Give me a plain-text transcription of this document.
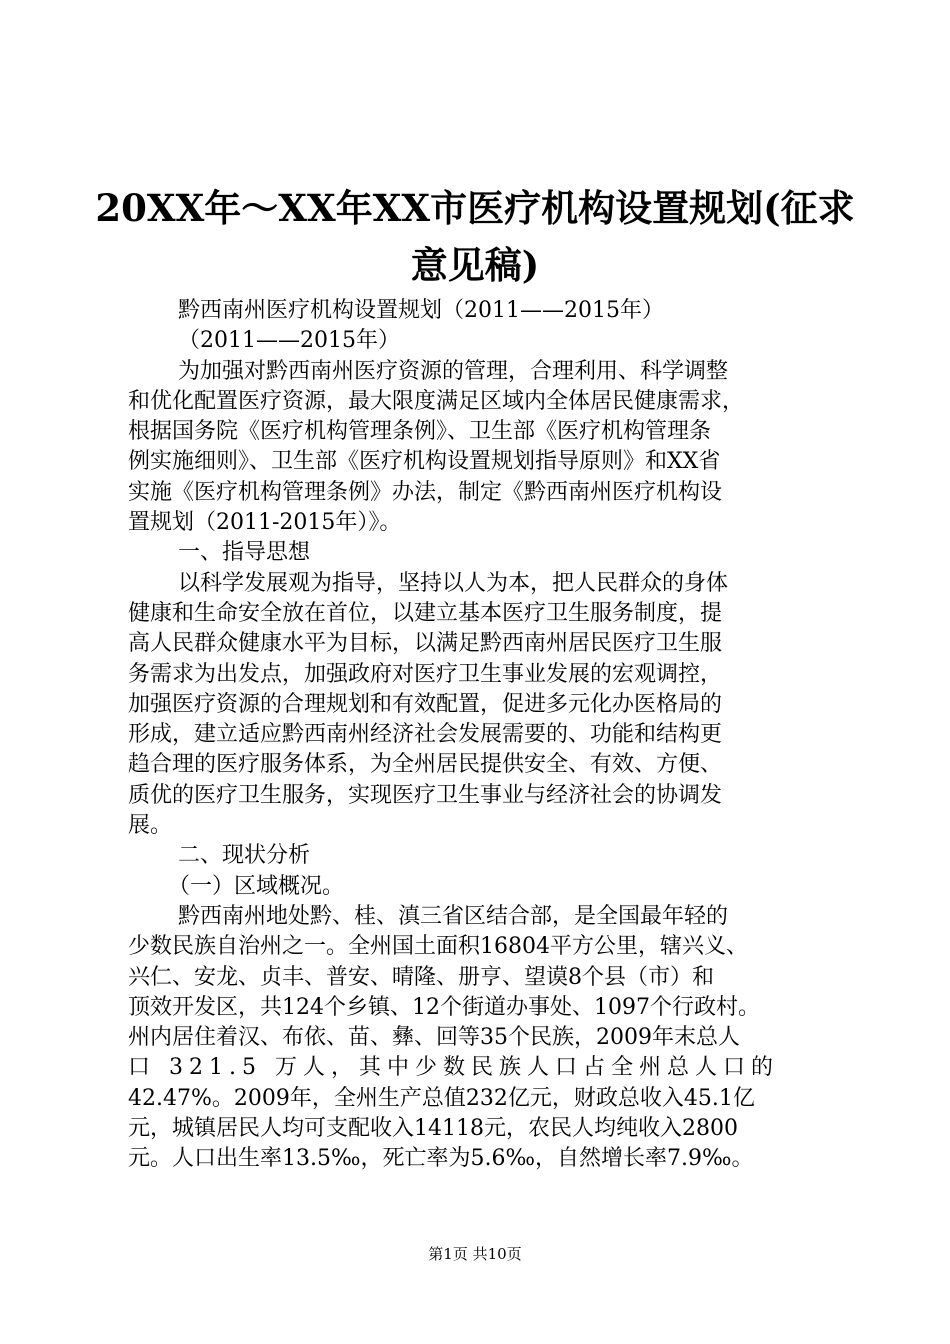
20XX年～XX年XX市医疗机构设置规划(征求
意见稿)
黔西南州医疗机构设置规划（2011——2015年）
（2011——2015年）
为加强对黔西南州医疗资源的管理，合理利用、科学调整
和优化配置医疗资源，最大限度满足区域内全体居民健康需求，
根据国务院《医疗机构管理条例》、卫生部《医疗机构管理条
例实施细则》、卫生部《医疗机构设置规划指导原则》和XX省
实施《医疗机构管理条例》办法，制定《黔西南州医疗机构设
置规划（2011-2015年）》。
一、指导思想
以科学发展观为指导，坚持以人为本，把人民群众的身体
健康和生命安全放在首位，以建立基本医疗卫生服务制度，提
高人民群众健康水平为目标，以满足黔西南州居民医疗卫生服
务需求为出发点，加强政府对医疗卫生事业发展的宏观调控，
加强医疗资源的合理规划和有效配置，促进多元化办医格局的
形成，建立适应黔西南州经济社会发展需要的、功能和结构更
趋合理的医疗服务体系，为全州居民提供安全、有效、方便、
质优的医疗卫生服务，实现医疗卫生事业与经济社会的协调发
展。
二、现状分析
（一）区域概况。
黔西南州地处黔、桂、滇三省区结合部，是全国最年轻的
少数民族自治州之一。全州国土面积16804平方公里，辖兴义、
兴仁、安龙、贞丰、普安、晴隆、册亨、望谟8个县（市）和
顶效开发区，共124个乡镇、12个街道办事处、1097个行政村。
州内居住着汉、布依、苗、彝、回等35个民族，2009年末总人
口 321.5 万人，其中少数民族人口占全州总人口的
42.47%。2009年，全州生产总值232亿元，财政总收入45.1亿
元，城镇居民人均可支配收入14118元，农民人均纯收入2800
元。人口出生率13.5‰，死亡率为5.6‰，自然增长率7.9‰。
第1页 共10页
